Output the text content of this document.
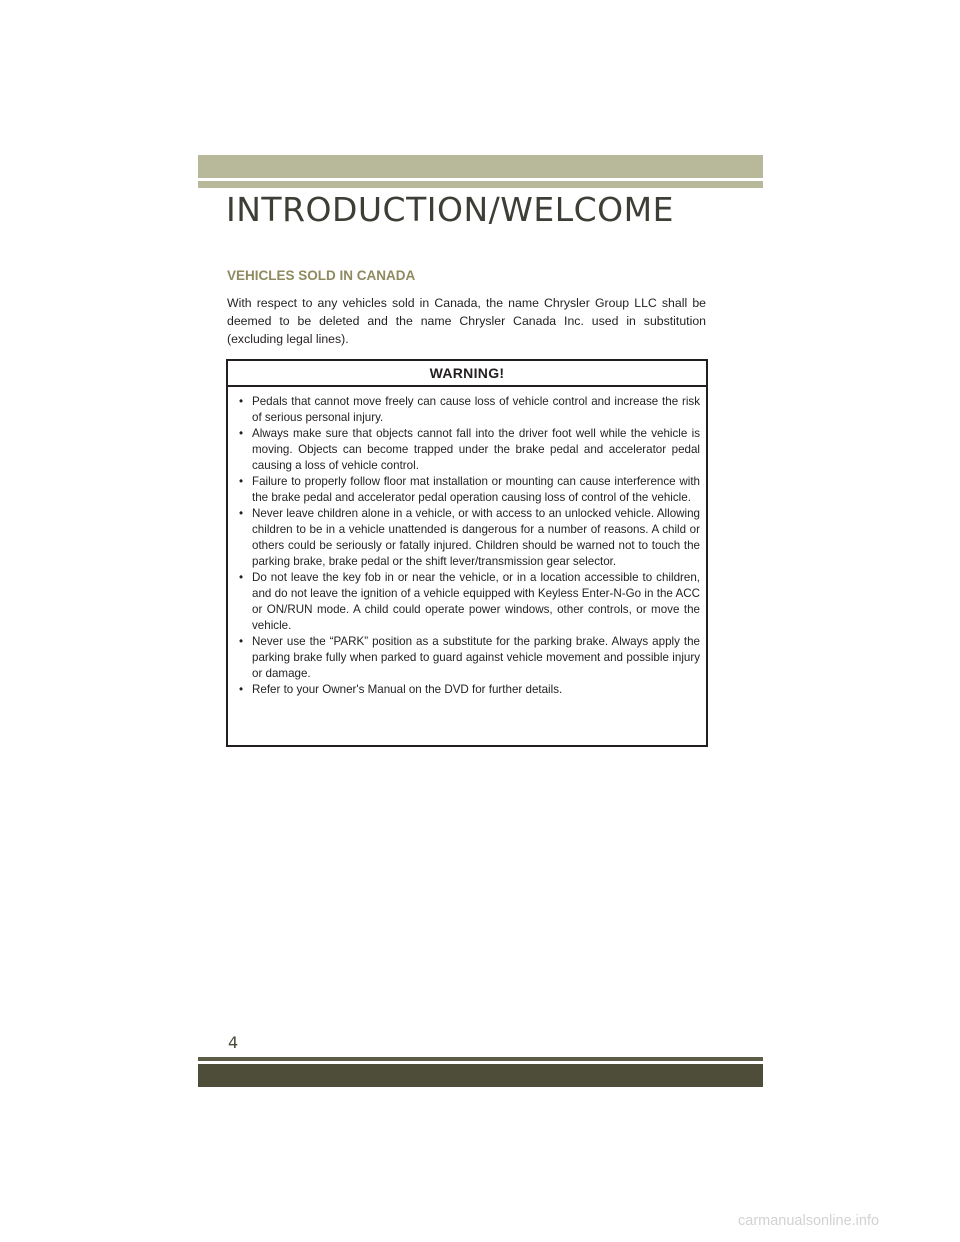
INTRODUCTION/WELCOME
VEHICLES SOLD IN CANADA

With respect to any vehicles sold in Canada, the name Chrysler Group LLC shall be deemed to be deleted and the name Chrysler Canada Inc. used in substitution (excluding legal lines).

WARNING!
• Pedals that cannot move freely can cause loss of vehicle control and increase the risk of serious personal injury.
• Always make sure that objects cannot fall into the driver foot well while the vehicle is moving. Objects can become trapped under the brake pedal and accelerator pedal causing a loss of vehicle control.
• Failure to properly follow floor mat installation or mounting can cause interference with the brake pedal and accelerator pedal operation causing loss of control of the vehicle.
• Never leave children alone in a vehicle, or with access to an unlocked vehicle. Allowing children to be in a vehicle unattended is dangerous for a number of reasons. A child or others could be seriously or fatally injured. Children should be warned not to touch the parking brake, brake pedal or the shift lever/transmission gear selector.
• Do not leave the key fob in or near the vehicle, or in a location accessible to children, and do not leave the ignition of a vehicle equipped with Keyless Enter-N-Go in the ACC or ON/RUN mode. A child could operate power windows, other controls, or move the vehicle.
• Never use the “PARK” position as a substitute for the parking brake. Always apply the parking brake fully when parked to guard against vehicle movement and possible injury or damage.
• Refer to your Owner's Manual on the DVD for further details.
4
carmanualsonline.info
